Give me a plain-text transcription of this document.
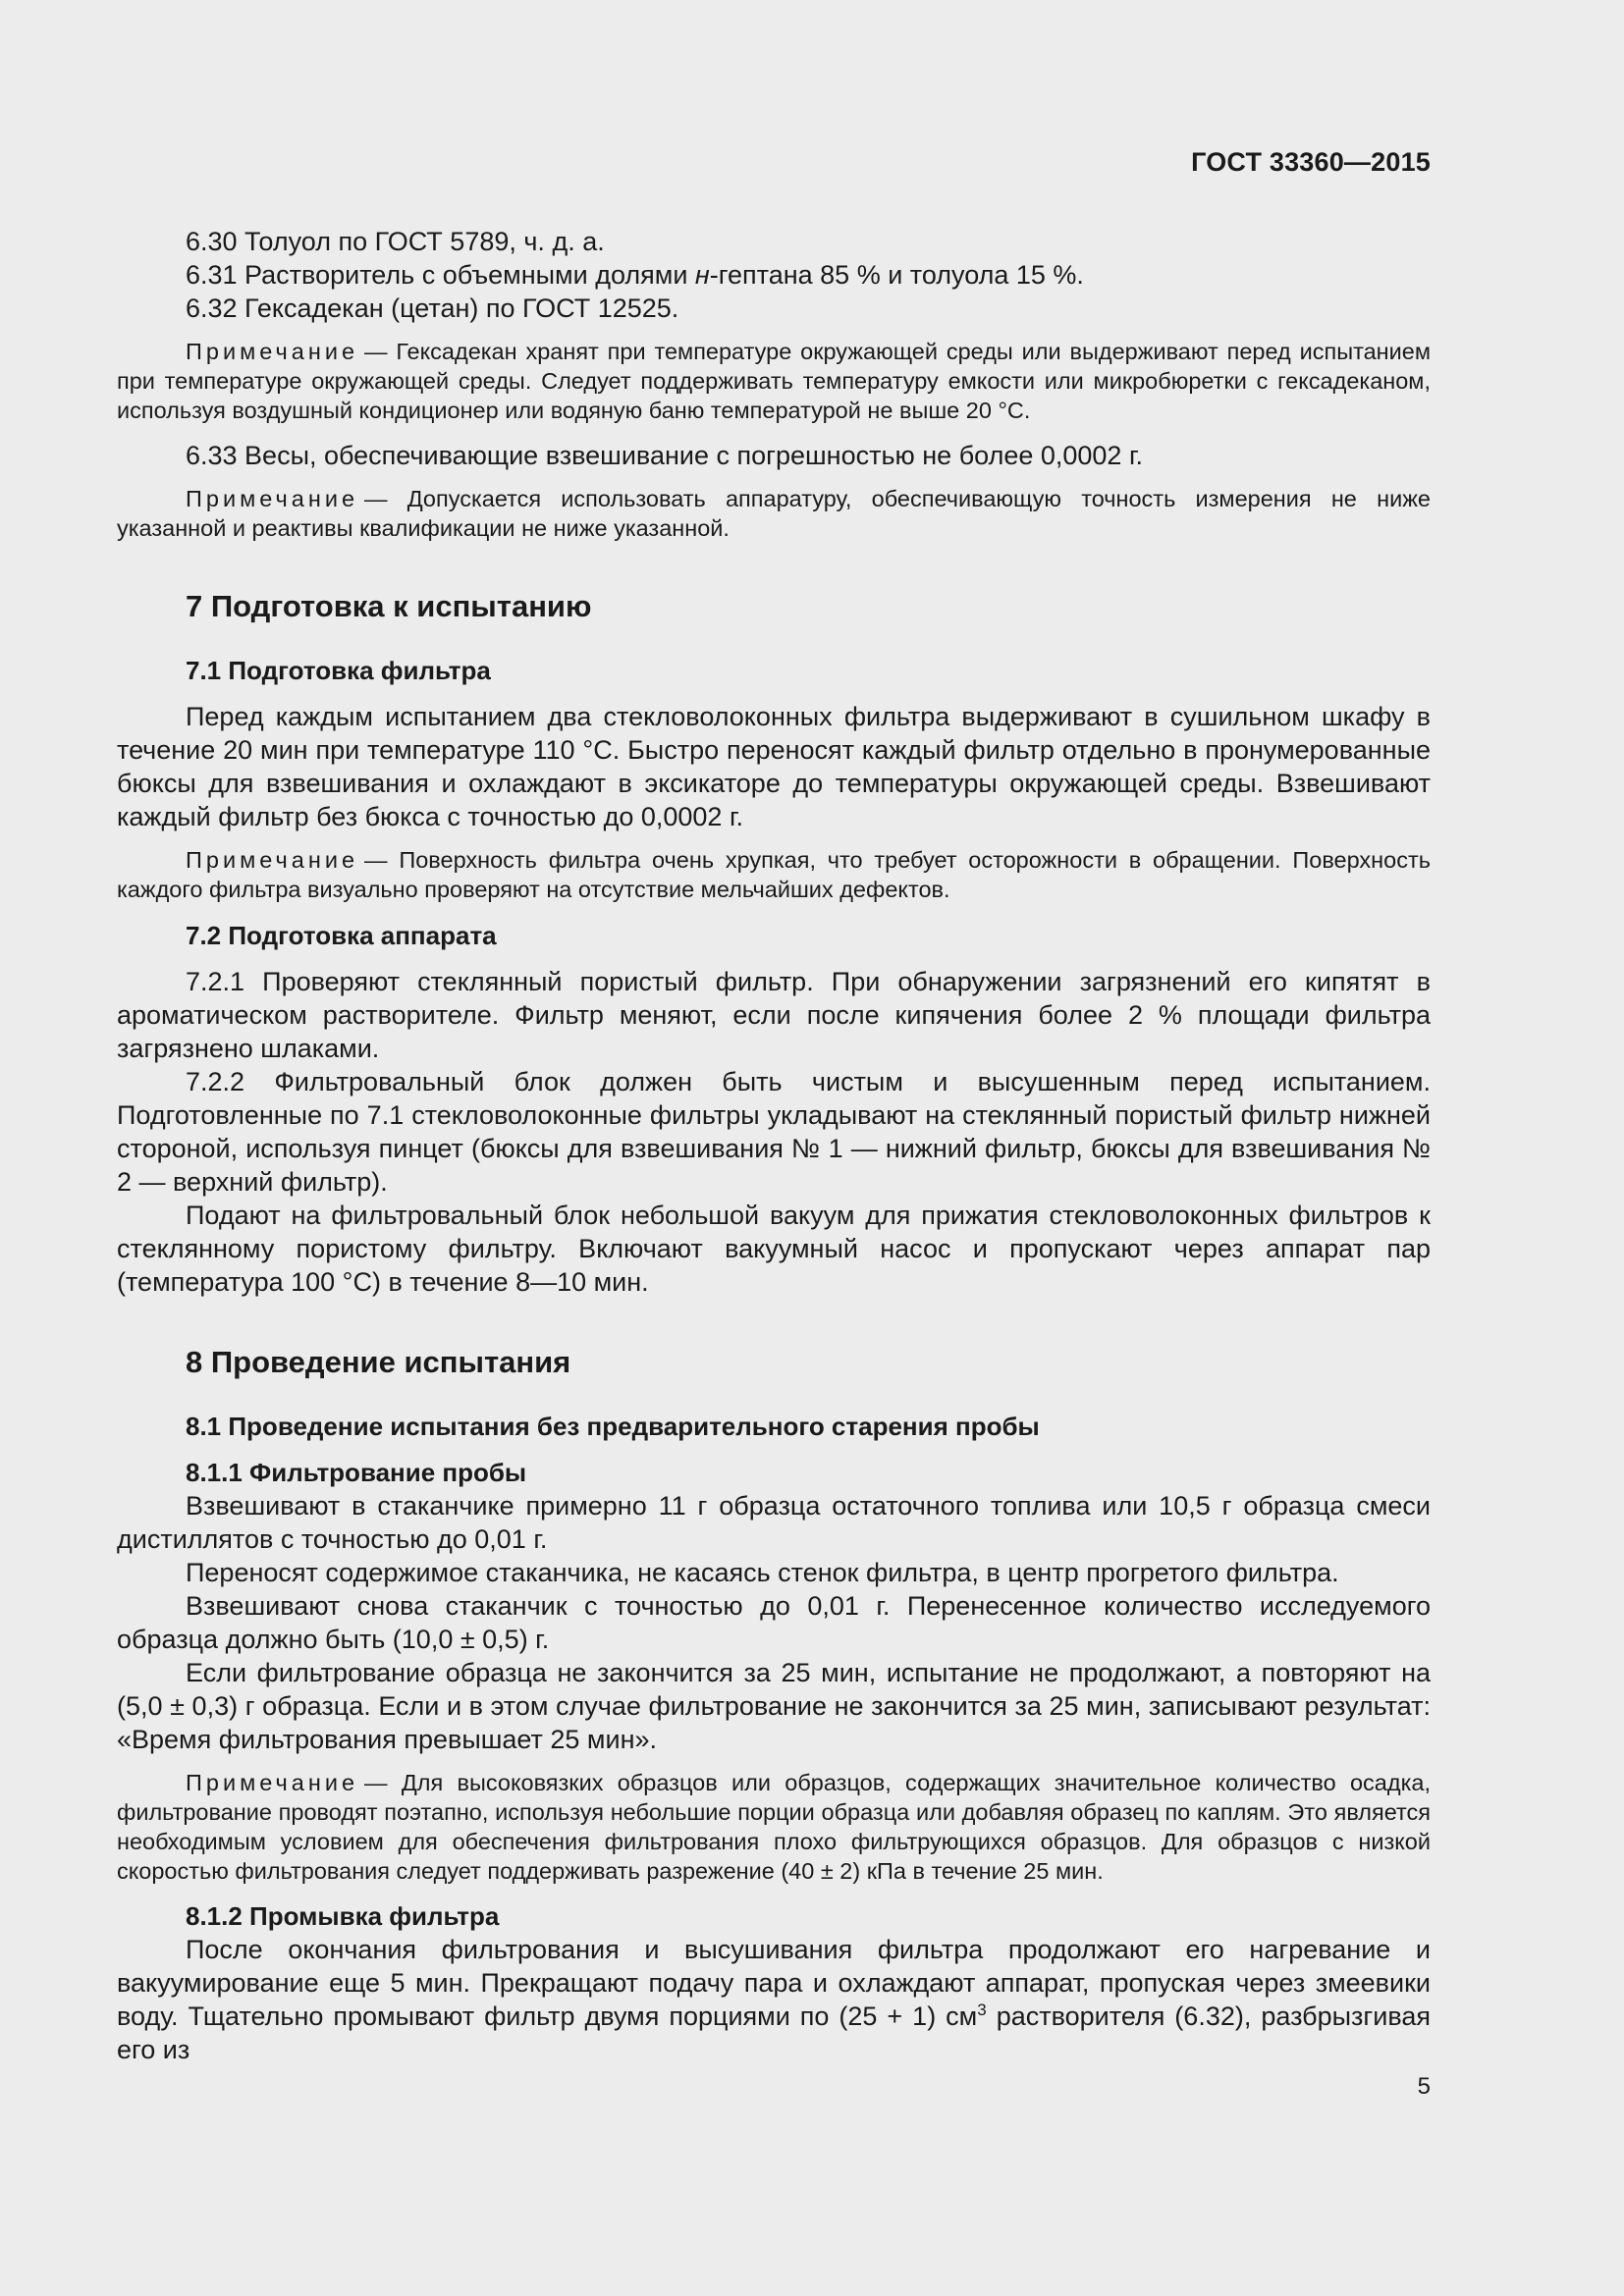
ГОСТ 33360—2015

6.30 Толуол по ГОСТ 5789, ч. д. а.

6.31 Растворитель с объемными долями н-гептана 85 % и толуола 15 %.

6.32 Гексадекан (цетан) по ГОСТ 12525.

Примечание — Гексадекан хранят при температуре окружающей среды или выдерживают перед испытанием при температуре окружающей среды. Следует поддерживать температуру емкости или микробюретки с гексадеканом, используя воздушный кондиционер или водяную баню температурой не выше 20 °C.

6.33 Весы, обеспечивающие взвешивание с погрешностью не более 0,0002 г.

Примечание — Допускается использовать аппаратуру, обеспечивающую точность измерения не ниже указанной и реактивы квалификации не ниже указанной.

7 Подготовка к испытанию
7.1 Подготовка фильтра

Перед каждым испытанием два стекловолоконных фильтра выдерживают в сушильном шкафу в течение 20 мин при температуре 110 °C. Быстро переносят каждый фильтр отдельно в пронумерованные бюксы для взвешивания и охлаждают в эксикаторе до температуры окружающей среды. Взвешивают каждый фильтр без бюкса с точностью до 0,0002 г.

Примечание — Поверхность фильтра очень хрупкая, что требует осторожности в обращении. Поверхность каждого фильтра визуально проверяют на отсутствие мельчайших дефектов.

7.2 Подготовка аппарата

7.2.1 Проверяют стеклянный пористый фильтр. При обнаружении загрязнений его кипятят в ароматическом растворителе. Фильтр меняют, если после кипячения более 2 % площади фильтра загрязнено шлаками.

7.2.2 Фильтровальный блок должен быть чистым и высушенным перед испытанием. Подготовленные по 7.1 стекловолоконные фильтры укладывают на стеклянный пористый фильтр нижней стороной, используя пинцет (бюксы для взвешивания № 1 — нижний фильтр, бюксы для взвешивания № 2 — верхний фильтр).

Подают на фильтровальный блок небольшой вакуум для прижатия стекловолоконных фильтров к стеклянному пористому фильтру. Включают вакуумный насос и пропускают через аппарат пар (температура 100 °C) в течение 8—10 мин.

8 Проведение испытания
8.1 Проведение испытания без предварительного старения пробы
8.1.1 Фильтрование пробы

Взвешивают в стаканчике примерно 11 г образца остаточного топлива или 10,5 г образца смеси дистиллятов с точностью до 0,01 г.

Переносят содержимое стаканчика, не касаясь стенок фильтра, в центр прогретого фильтра.

Взвешивают снова стаканчик с точностью до 0,01 г. Перенесенное количество исследуемого образца должно быть (10,0 ± 0,5) г.

Если фильтрование образца не закончится за 25 мин, испытание не продолжают, а повторяют на (5,0 ± 0,3) г образца. Если и в этом случае фильтрование не закончится за 25 мин, записывают результат: «Время фильтрования превышает 25 мин».

Примечание — Для высоковязких образцов или образцов, содержащих значительное количество осадка, фильтрование проводят поэтапно, используя небольшие порции образца или добавляя образец по каплям. Это является необходимым условием для обеспечения фильтрования плохо фильтрующихся образцов. Для образцов с низкой скоростью фильтрования следует поддерживать разрежение (40 ± 2) кПа в течение 25 мин.

8.1.2 Промывка фильтра

После окончания фильтрования и высушивания фильтра продолжают его нагревание и вакуумирование еще 5 мин. Прекращают подачу пара и охлаждают аппарат, пропуская через змеевики воду. Тщательно промывают фильтр двумя порциями по (25 + 1) $см^3$ растворителя (6.32), разбрызгивая его из

5
